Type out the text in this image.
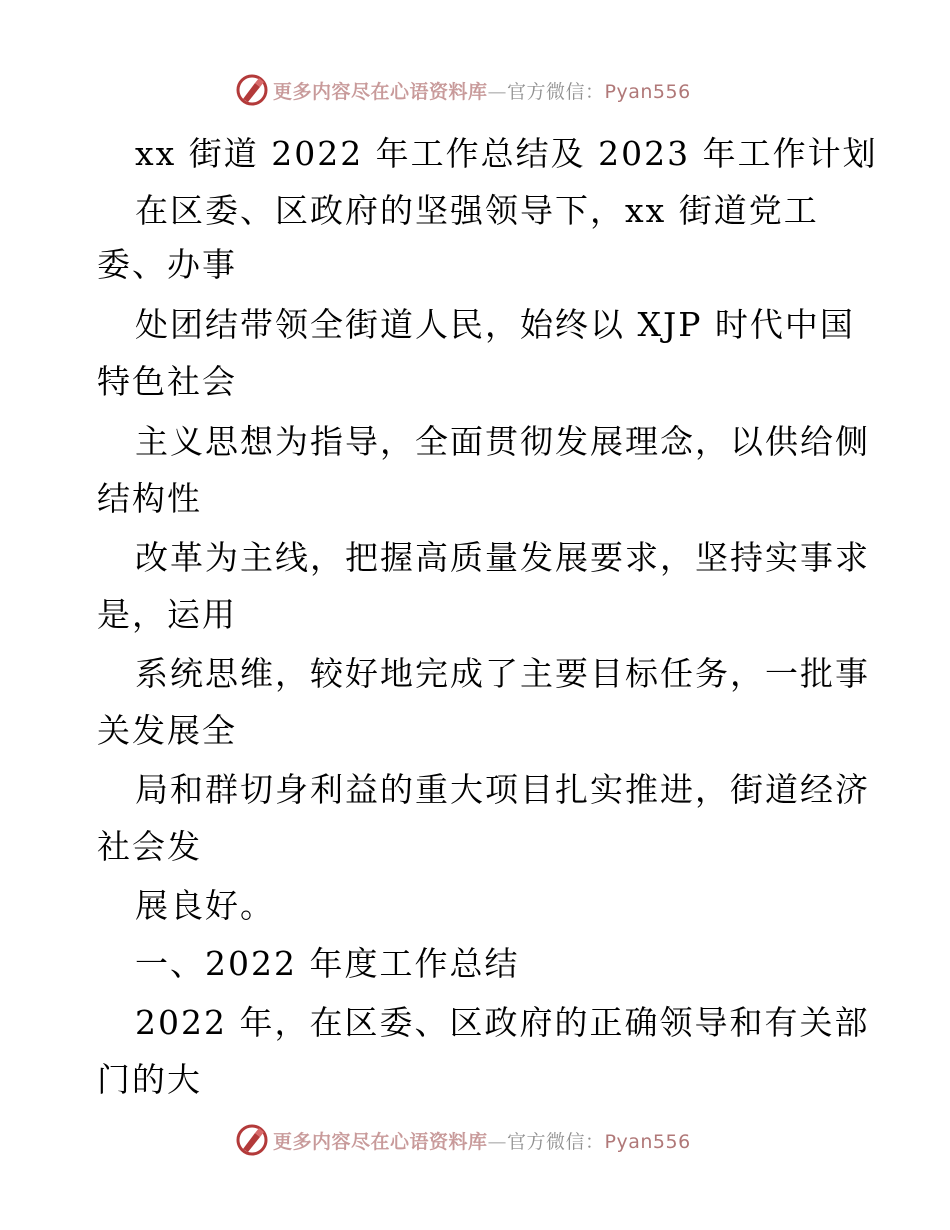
更多内容尽在心语资料库—官方微信：Pyan556
xx 街道 2022 年工作总结及 2023 年工作计划
在区委、区政府的坚强领导下，xx 街道党工
委、办事
处团结带领全街道人民，始终以 XJP 时代中国
特色社会
主义思想为指导，全面贯彻发展理念，以供给侧
结构性
改革为主线，把握高质量发展要求，坚持实事求
是，运用
系统思维，较好地完成了主要目标任务，一批事
关发展全
局和群切身利益的重大项目扎实推进，街道经济
社会发
展良好。
一、2022 年度工作总结
2022 年，在区委、区政府的正确领导和有关部
门的大
更多内容尽在心语资料库—官方微信：Pyan556
